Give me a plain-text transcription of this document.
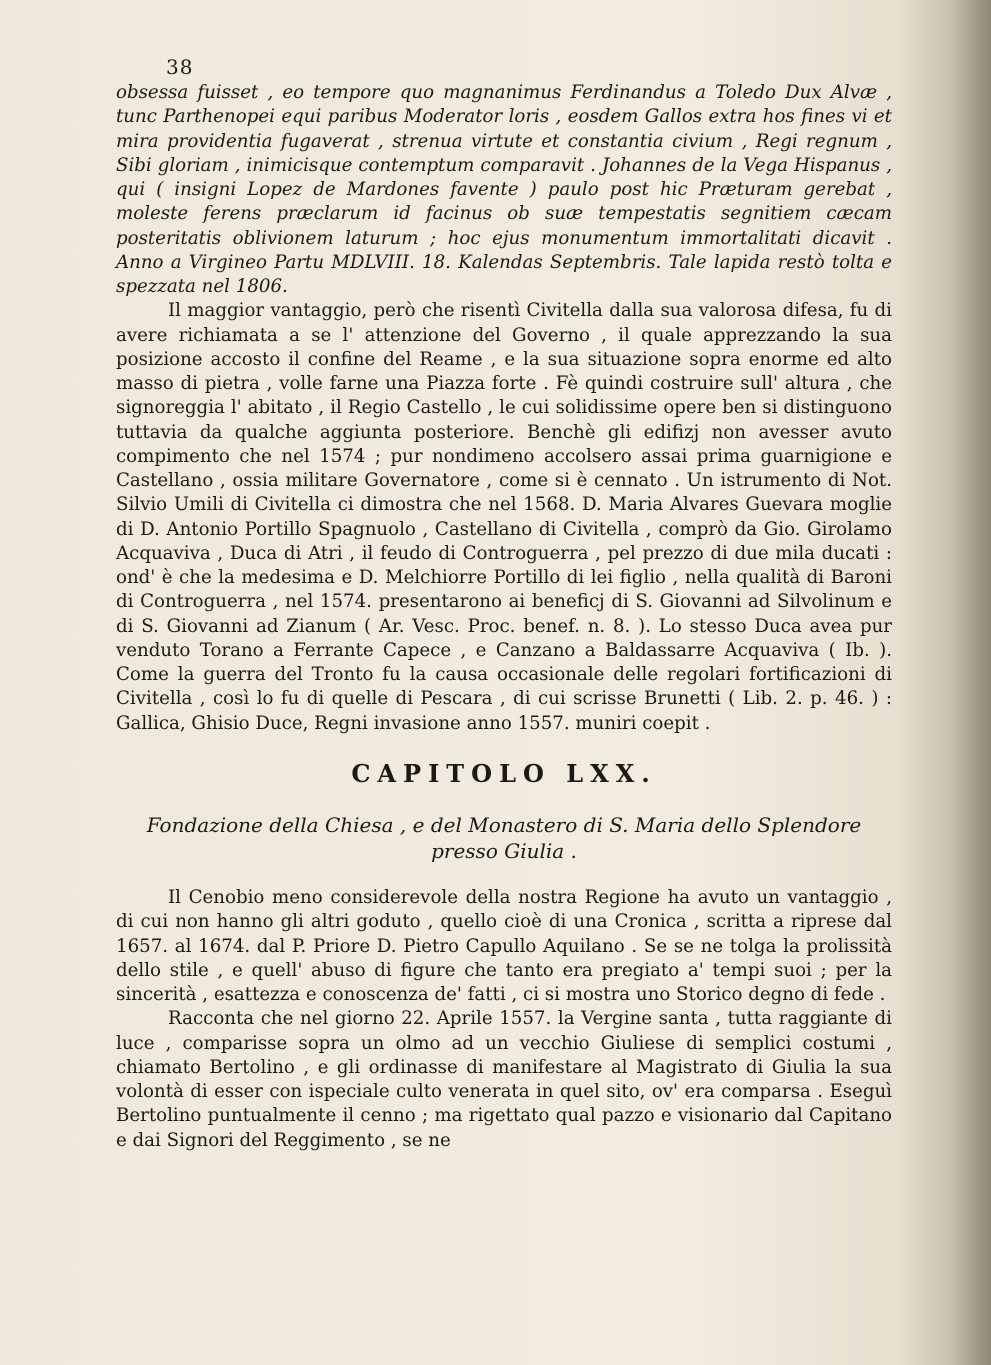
38

obsessa fuisset , eo tempore quo magnanimus Ferdinandus a Toledo Dux Alvæ , tunc Parthenopei equi paribus Moderator loris , eosdem Gallos extra hos fines vi et mira providentia fugaverat , strenua virtute et constantia civium , Regi regnum , Sibi gloriam , inimicisque contemptum comparavit . Johannes de la Vega Hispanus , qui ( insigni Lopez de Mardones favente ) paulo post hic Præturam gerebat , moleste ferens præclarum id facinus ob suæ tempestatis segnitiem cæcam posteritatis oblivionem laturum ; hoc ejus monumentum immortalitati dicavit . Anno a Virgineo Partu MDLVIII. 18. Kalendas Septembris. Tale lapida restò tolta e spezzata nel 1806.

Il maggior vantaggio, però che risentì Civitella dalla sua valorosa difesa, fu di avere richiamata a se l' attenzione del Governo , il quale apprezzando la sua posizione accosto il confine del Reame , e la sua situazione sopra enorme ed alto masso di pietra , volle farne una Piazza forte . Fè quindi costruire sull' altura , che signoreggia l' abitato , il Regio Castello , le cui solidissime opere ben si distinguono tuttavia da qualche aggiunta posteriore. Benchè gli edifizj non avesser avuto compimento che nel 1574 ; pur nondimeno accolsero assai prima guarnigione e Castellano , ossia militare Governatore , come si è cennato . Un istrumento di Not. Silvio Umili di Civitella ci dimostra che nel 1568. D. Maria Alvares Guevara moglie di D. Antonio Portillo Spagnuolo , Castellano di Civitella , comprò da Gio. Girolamo Acquaviva , Duca di Atri , il feudo di Controguerra , pel prezzo di due mila ducati : ond' è che la medesima e D. Melchiorre Portillo di lei figlio , nella qualità di Baroni di Controguerra , nel 1574. presentarono ai beneficj di S. Giovanni ad Silvolinum e di S. Giovanni ad Zianum ( Ar. Vesc. Proc. benef. n. 8. ). Lo stesso Duca avea pur venduto Torano a Ferrante Capece , e Canzano a Baldassarre Acquaviva ( Ib. ). Come la guerra del Tronto fu la causa occasionale delle regolari fortificazioni di Civitella , così lo fu di quelle di Pescara , di cui scrisse Brunetti ( Lib. 2. p. 46. ) : Gallica, Ghisio Duce, Regni invasione anno 1557. muniri coepit .

CAPITOLO LXX.
Fondazione della Chiesa , e del Monastero di S. Maria dello Splendore presso Giulia .

Il Cenobio meno considerevole della nostra Regione ha avuto un vantaggio , di cui non hanno gli altri goduto , quello cioè di una Cronica , scritta a riprese dal 1657. al 1674. dal P. Priore D. Pietro Capullo Aquilano . Se se ne tolga la prolissità dello stile , e quell' abuso di figure che tanto era pregiato a' tempi suoi ; per la sincerità , esattezza e conoscenza de' fatti , ci si mostra uno Storico degno di fede .

Racconta che nel giorno 22. Aprile 1557. la Vergine santa , tutta raggiante di luce , comparisse sopra un olmo ad un vecchio Giuliese di semplici costumi , chiamato Bertolino , e gli ordinasse di manifestare al Magistrato di Giulia la sua volontà di esser con ispeciale culto venerata in quel sito, ov' era comparsa . Eseguì Bertolino puntualmente il cenno ; ma rigettato qual pazzo e visionario dal Capitano e dai Signori del Reggimento , se ne
